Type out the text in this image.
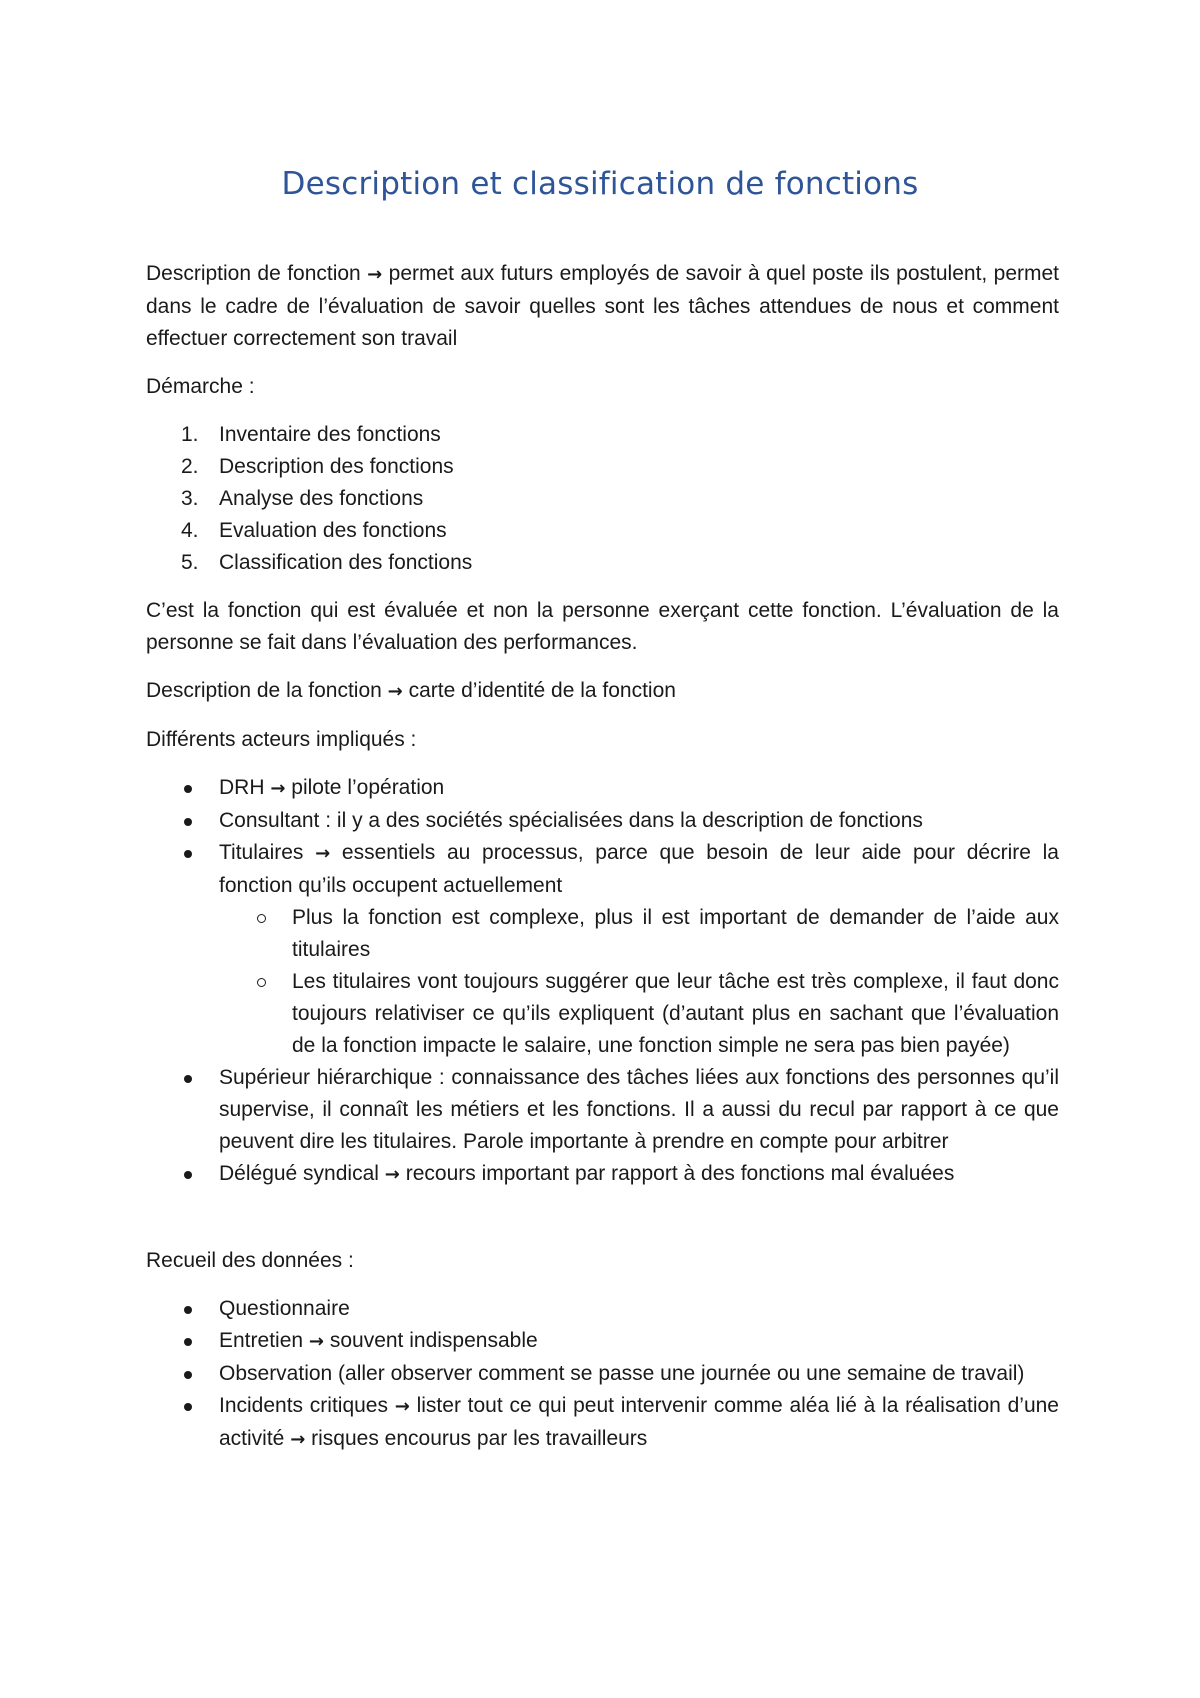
Description et classification de fonctions

Description de fonction → permet aux futurs employés de savoir à quel poste ils postulent, permet dans le cadre de l’évaluation de savoir quelles sont les tâches attendues de nous et comment effectuer correctement son travail

Démarche :

1. Inventaire des fonctions
2. Description des fonctions
3. Analyse des fonctions
4. Evaluation des fonctions
5. Classification des fonctions

C’est la fonction qui est évaluée et non la personne exerçant cette fonction. L’évaluation de la personne se fait dans l’évaluation des performances.

Description de la fonction → carte d’identité de la fonction

Différents acteurs impliqués :

DRH → pilote l’opération
Consultant : il y a des sociétés spécialisées dans la description de fonctions
Titulaires → essentiels au processus, parce que besoin de leur aide pour décrire la fonction qu’ils occupent actuellement
Plus la fonction est complexe, plus il est important de demander de l’aide aux titulaires
Les titulaires vont toujours suggérer que leur tâche est très complexe, il faut donc toujours relativiser ce qu’ils expliquent (d’autant plus en sachant que l’évaluation de la fonction impacte le salaire, une fonction simple ne sera pas bien payée)
Supérieur hiérarchique : connaissance des tâches liées aux fonctions des personnes qu’il supervise, il connaît les métiers et les fonctions. Il a aussi du recul par rapport à ce que peuvent dire les titulaires. Parole importante à prendre en compte pour arbitrer
Délégué syndical → recours important par rapport à des fonctions mal évaluées

Recueil des données :

Questionnaire
Entretien → souvent indispensable
Observation (aller observer comment se passe une journée ou une semaine de travail)
Incidents critiques → lister tout ce qui peut intervenir comme aléa lié à la réalisation d’une activité → risques encourus par les travailleurs
